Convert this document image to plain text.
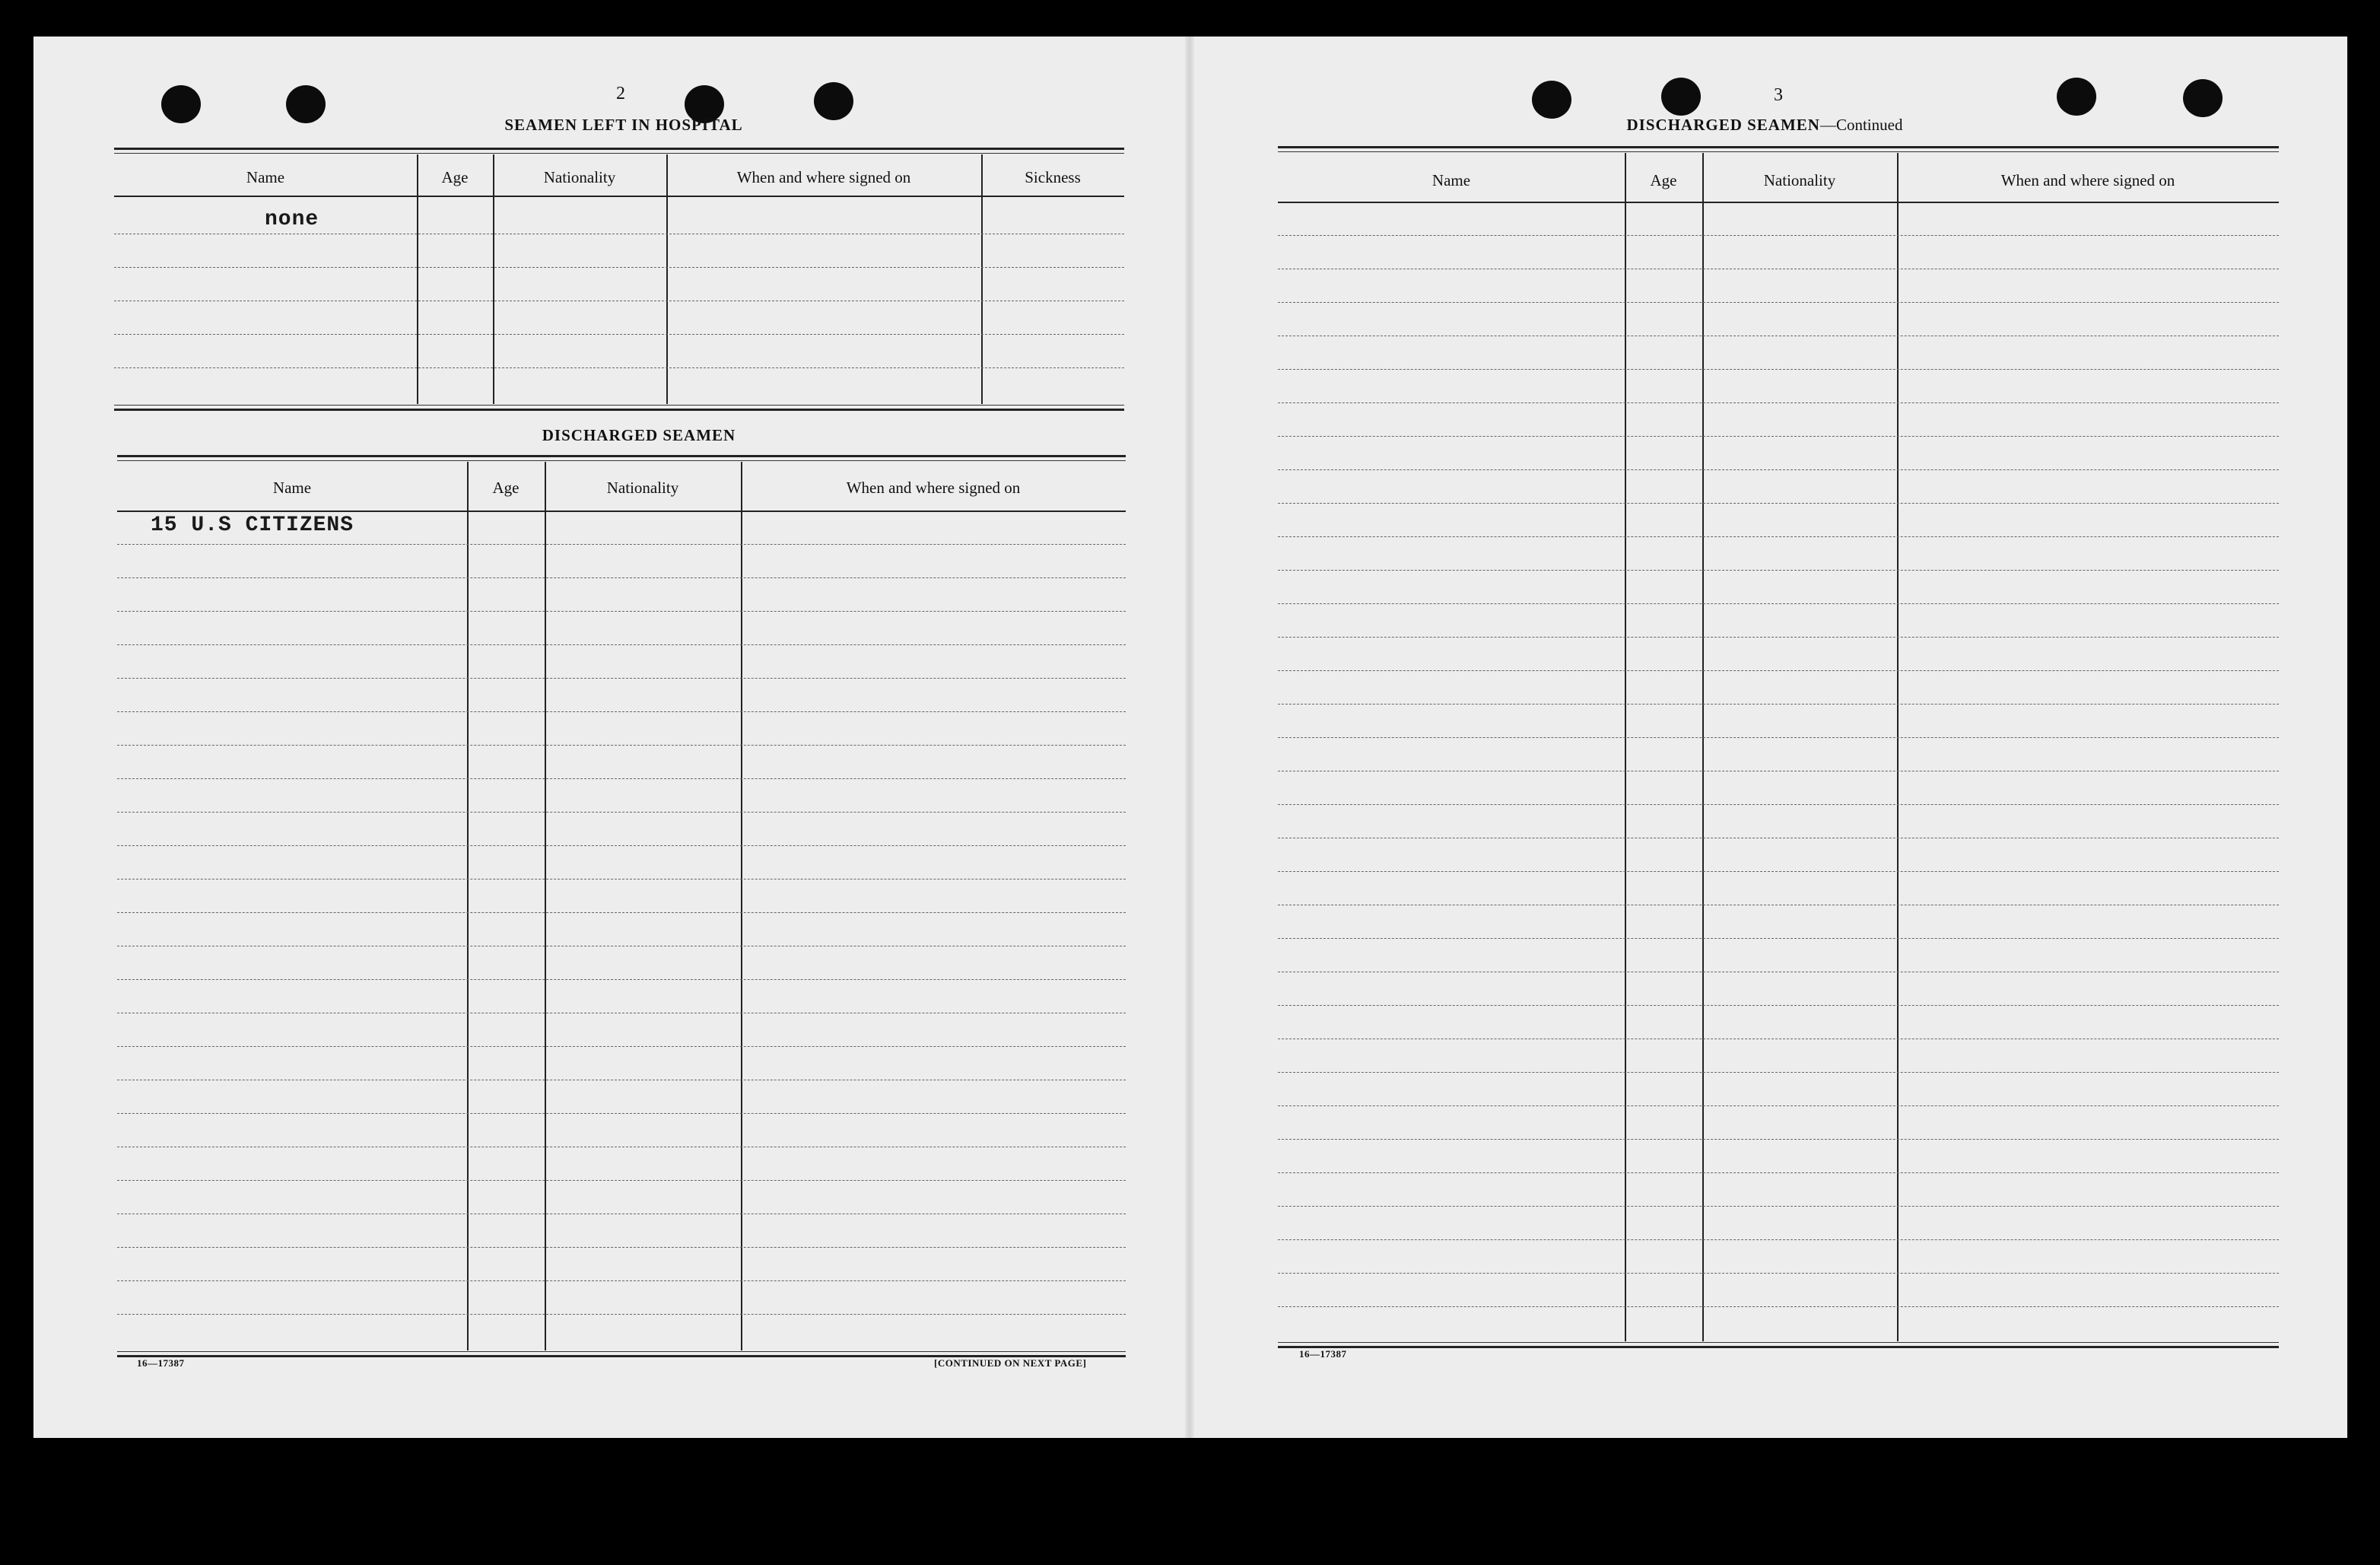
2
SEAMEN LEFT IN HOSPITAL
Name	Age	Nationality	When and where signed on	Sickness
none
DISCHARGED SEAMEN
Name	Age	Nationality	When and where signed on
15 U.S CITIZENS
16—17387	[CONTINUED ON NEXT PAGE]
3
DISCHARGED SEAMEN—Continued
Name	Age	Nationality	When and where signed on
16—17387
